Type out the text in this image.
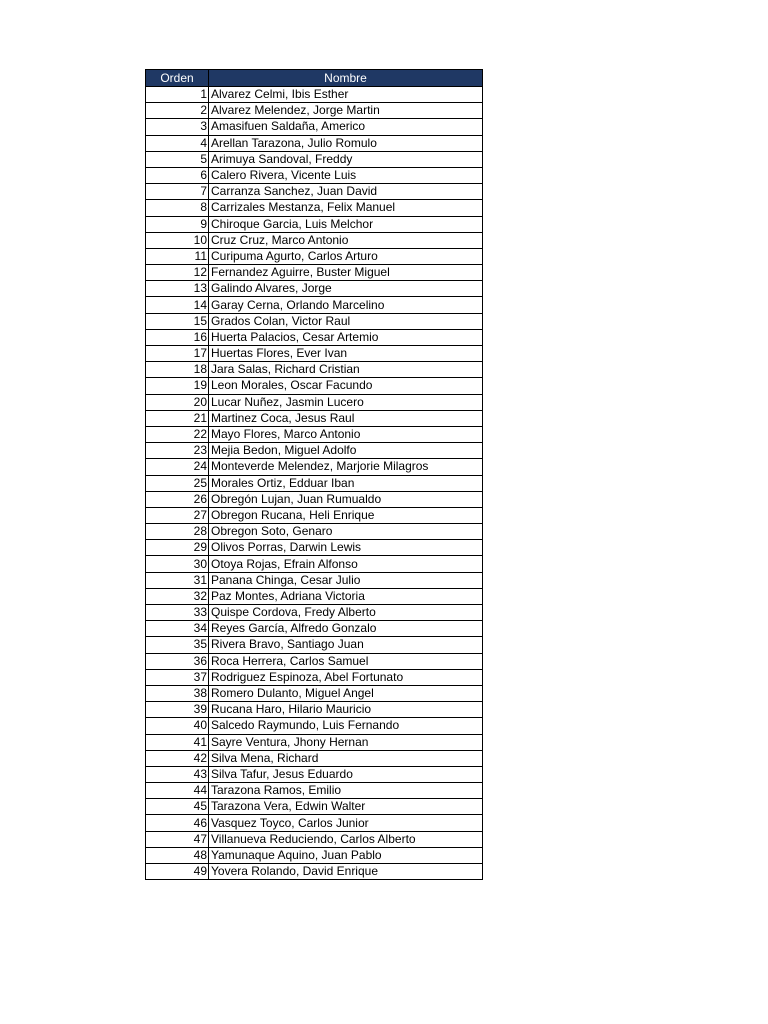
Orden	Nombre
1	Alvarez Celmi, Ibis Esther
2	Alvarez Melendez, Jorge Martin
3	Amasifuen Saldaña, Americo
4	Arellan Tarazona, Julio Romulo
5	Arimuya Sandoval, Freddy
6	Calero Rivera, Vicente Luis
7	Carranza Sanchez, Juan David
8	Carrizales Mestanza, Felix Manuel
9	Chiroque Garcia, Luis Melchor
10	Cruz Cruz, Marco Antonio
11	Curipuma Agurto, Carlos Arturo
12	Fernandez Aguirre, Buster Miguel
13	Galindo Alvares, Jorge
14	Garay Cerna, Orlando Marcelino
15	Grados Colan, Victor Raul
16	Huerta Palacios, Cesar Artemio
17	Huertas Flores, Ever Ivan
18	Jara Salas, Richard Cristian
19	Leon Morales, Oscar Facundo
20	Lucar Nuñez, Jasmin Lucero
21	Martinez Coca, Jesus Raul
22	Mayo Flores, Marco Antonio
23	Mejia Bedon, Miguel Adolfo
24	Monteverde Melendez, Marjorie Milagros
25	Morales Ortiz, Edduar Iban
26	Obregón Lujan, Juan Rumualdo
27	Obregon Rucana, Heli Enrique
28	Obregon Soto, Genaro
29	Olivos Porras, Darwin Lewis
30	Otoya Rojas, Efrain Alfonso
31	Panana Chinga, Cesar Julio
32	Paz Montes, Adriana Victoria
33	Quispe Cordova, Fredy Alberto
34	Reyes García, Alfredo Gonzalo
35	Rivera Bravo, Santiago Juan
36	Roca Herrera, Carlos Samuel
37	Rodriguez Espinoza, Abel Fortunato
38	Romero Dulanto, Miguel Angel
39	Rucana Haro, Hilario Mauricio
40	Salcedo Raymundo, Luis Fernando
41	Sayre Ventura, Jhony Hernan
42	Silva Mena, Richard
43	Silva Tafur, Jesus Eduardo
44	Tarazona Ramos, Emilio
45	Tarazona Vera, Edwin Walter
46	Vasquez Toyco, Carlos Junior
47	Villanueva Reduciendo, Carlos Alberto
48	Yamunaque Aquino, Juan Pablo
49	Yovera Rolando, David Enrique
